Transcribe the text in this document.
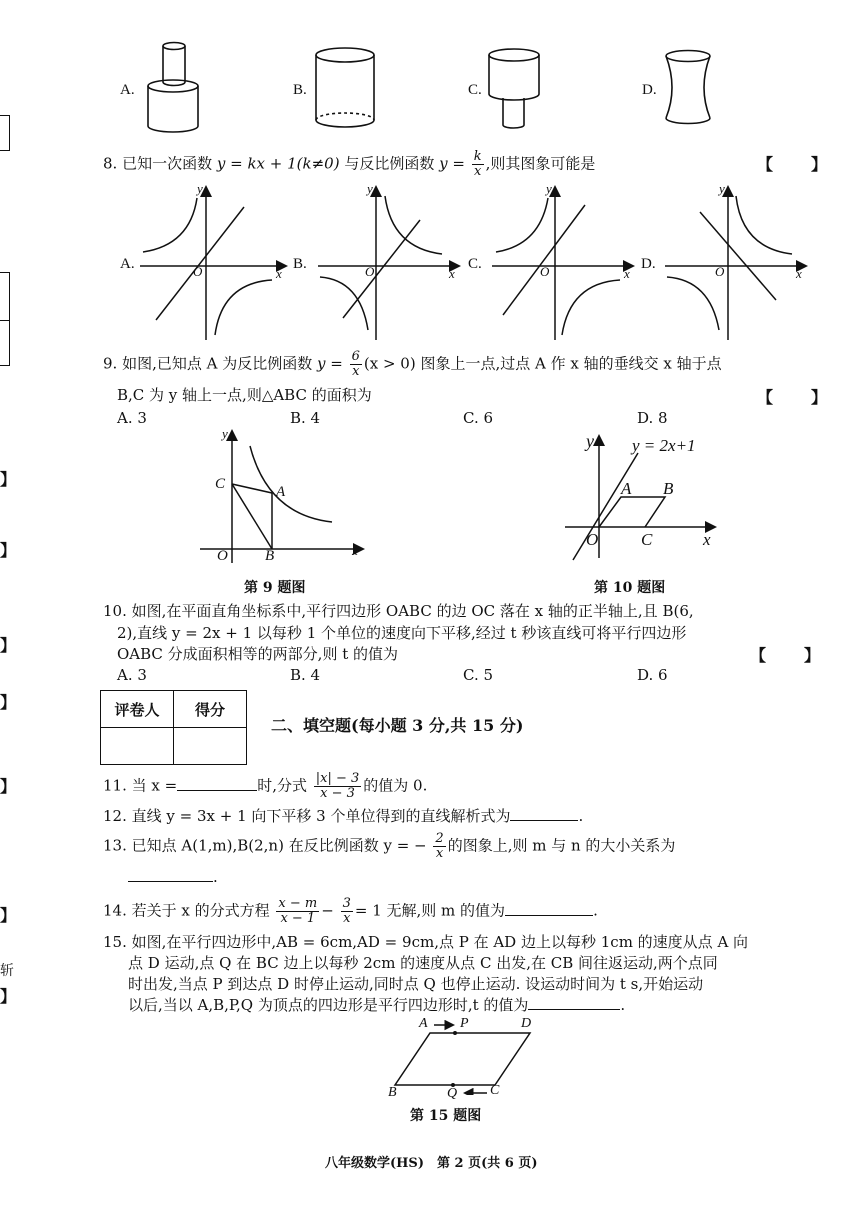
】
】
】
】
】
】
斩
】
A.	B.	C.	D.
8. 已知一次函数 y = kx + 1(k≠0) 与反比例函数 $y = \frac{k}{x}$ ,则其图象可能是	【　　】
A.	B.	C.	D.
y
x
O
y
x
O
y
x
O
y
x
O
9. 如图,已知点 A 为反比例函数 $y = \frac{6}{x} (x > 0)$ 图象上一点,过点 A 作 x 轴的垂线交 x 轴于点
B,C 为 y 轴上一点,则△ABC 的面积为	【　　】
A. 3	B. 4	C. 6	D. 8
y
x
O
C	A
B
第 9 题图
y y = 2x+1
A B
O	C	x
第 10 题图
10. 如图,在平面直角坐标系中,平行四边形 OABC 的边 OC 落在 x 轴的正半轴上,且 B(6,
2),直线 y = 2x + 1 以每秒 1 个单位的速度向下平移,经过 t 秒该直线可将平行四边形
OABC 分成面积相等的两部分,则 t 的值为	【　　】
A. 3	B. 4	C. 5	D. 6
评卷人	得分

二、填空题(每小题 3 分,共 15 分)
11. 当 x =	时,分式 $\frac{|x| - 3}{x - 3}$ 的值为 0.
12. 直线 y = 3x + 1 向下平移 3 个单位得到的直线解析式为	.
13. 已知点 A(1,m),B(2,n) 在反比例函数 y = − $\frac{2}{x}$ 的图象上,则 m 与 n 的大小关系为
.
14. 若关于 x 的分式方程 $\frac{x - m}{x - 1} - \frac{3}{x} = 1$ 无解,则 m 的值为	.
15. 如图,在平行四边形中,AB = 6cm,AD = 9cm,点 P 在 AD 边上以每秒 1cm 的速度从点 A 向
点 D 运动,点 Q 在 BC 边上以每秒 2cm 的速度从点 C 出发,在 CB 间往返运动,两个点同
时出发,当点 P 到达点 D 时停止运动,同时点 Q 也停止运动. 设运动时间为 t s,开始运动
以后,当以 A,B,P,Q 为顶点的四边形是平行四边形时,t 的值为	.
A P	D
B	Q C
第 15 题图
八年级数学(HS)　第 2 页(共 6 页)
